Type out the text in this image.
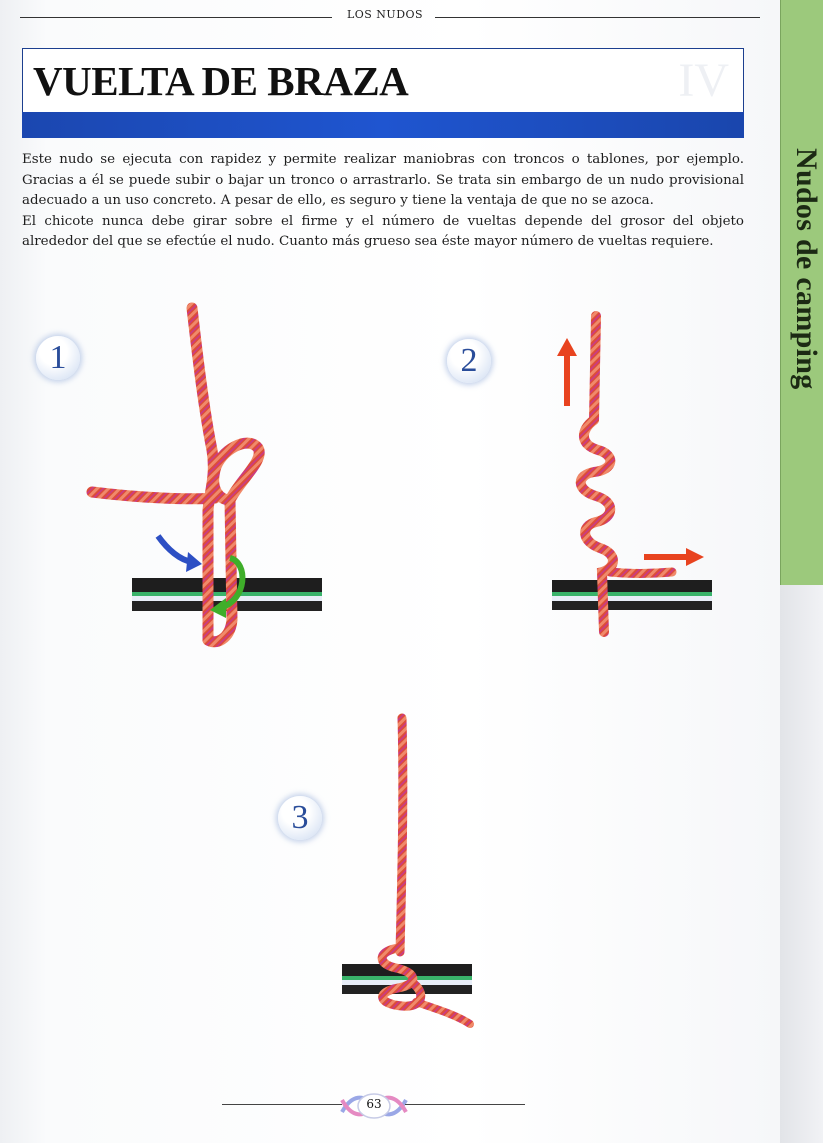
LOS NUDOS
VUELTA DE BRAZA	IV

Este nudo se ejecuta con rapidez y permite realizar maniobras con troncos o tablones, por ejemplo. Gracias a él se puede subir o bajar un tronco o arrastrarlo. Se trata sin embargo de un nudo provisional adecuado a un uso concreto. A pesar de ello, es seguro y tiene la ventaja de que no se azoca.

El chicote nunca debe girar sobre el firme y el número de vueltas depende del grosor del objeto alrededor del que se efectúe el nudo. Cuanto más grueso sea éste mayor número de vueltas requiere.

1	2
3
63
Nudos de camping
